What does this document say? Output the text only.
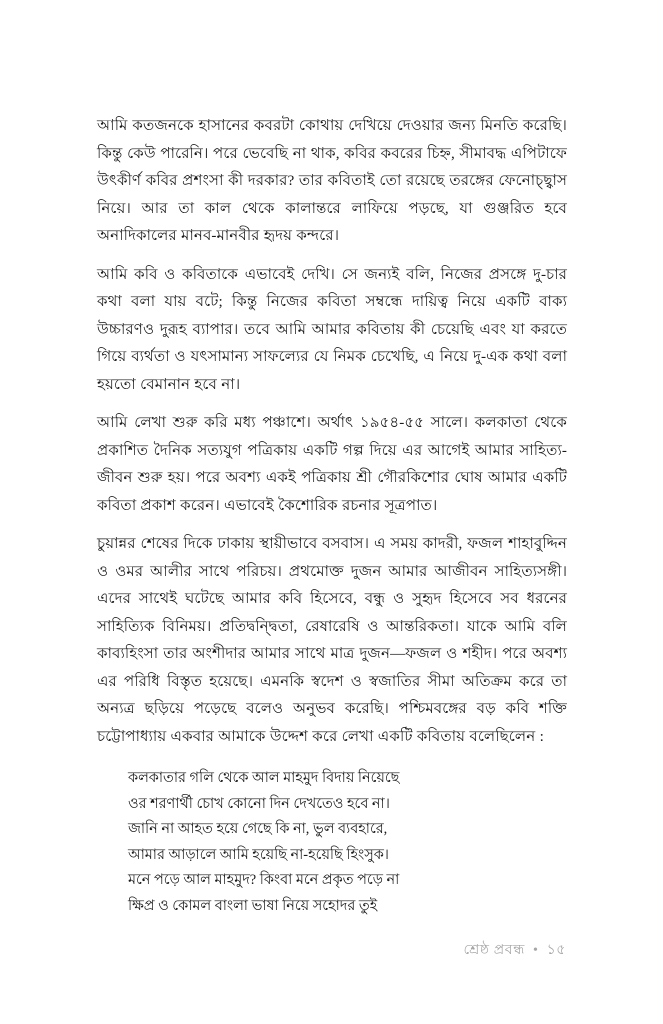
আমি কতজনকে হাসানের কবরটা কোথায় দেখিয়ে দেওয়ার জন্য মিনতি করেছি। কিন্তু কেউ পারেনি। পরে ভেবেছি না থাক, কবির কবরের চিহ্ন, সীমাবদ্ধ এপিটাফে উৎকীর্ণ কবির প্রশংসা কী দরকার? তার কবিতাই তো রয়েছে তরঙ্গের ফেনোচ্ছ্বাস নিয়ে। আর তা কাল থেকে কালান্তরে লাফিয়ে পড়ছে, যা গুঞ্জরিত হবে অনাদিকালের মানব-মানবীর হৃদয় কন্দরে।

আমি কবি ও কবিতাকে এভাবেই দেখি। সে জন্যই বলি, নিজের প্রসঙ্গে দু-চার কথা বলা যায় বটে; কিন্তু নিজের কবিতা সম্বন্ধে দায়িত্ব নিয়ে একটি বাক্য উচ্চারণও দুরূহ ব্যাপার। তবে আমি আমার কবিতায় কী চেয়েছি এবং যা করতে গিয়ে ব্যর্থতা ও যৎসামান্য সাফল্যের যে নিমক চেখেছি, এ নিয়ে দু-এক কথা বলা হয়তো বেমানান হবে না।

আমি লেখা শুরু করি মধ্য পঞ্চাশে। অর্থাৎ ১৯৫৪-৫৫ সালে। কলকাতা থেকে প্রকাশিত দৈনিক সত্যযুগ পত্রিকায় একটি গল্প দিয়ে এর আগেই আমার সাহিত্য-জীবন শুরু হয়। পরে অবশ্য একই পত্রিকায় শ্রী গৌরকিশোর ঘোষ আমার একটি কবিতা প্রকাশ করেন। এভাবেই কৈশোরিক রচনার সূত্রপাত।

চুয়ান্নর শেষের দিকে ঢাকায় স্থায়ীভাবে বসবাস। এ সময় কাদরী, ফজল শাহাবুদ্দিন ও ওমর আলীর সাথে পরিচয়। প্রথমোক্ত দুজন আমার আজীবন সাহিত্যসঙ্গী। এদের সাথেই ঘটেছে আমার কবি হিসেবে, বন্ধু ও সুহৃদ হিসেবে সব ধরনের সাহিত্যিক বিনিময়। প্রতিদ্বন্দ্বিতা, রেষারেষি ও আন্তরিকতা। যাকে আমি বলি কাব্যহিংসা তার অংশীদার আমার সাথে মাত্র দুজন—ফজল ও শহীদ। পরে অবশ্য এর পরিধি বিস্তৃত হয়েছে। এমনকি স্বদেশ ও স্বজাতির সীমা অতিক্রম করে তা অন্যত্র ছড়িয়ে পড়েছে বলেও অনুভব করেছি। পশ্চিমবঙ্গের বড় কবি শক্তি চট্টোপাধ্যায় একবার আমাকে উদ্দেশ করে লেখা একটি কবিতায় বলেছিলেন :

কলকাতার গলি থেকে আল মাহমুদ বিদায় নিয়েছে
ওর শরণার্থী চোখ কোনো দিন দেখতেও হবে না।
জানি না আহত হয়ে গেছে কি না, ভুল ব্যবহারে,
আমার আড়ালে আমি হয়েছি না-হয়েছি হিংসুক।
মনে পড়ে আল মাহমুদ? কিংবা মনে প্রকৃত পড়ে না
ক্ষিপ্র ও কোমল বাংলা ভাষা নিয়ে সহোদর তুই
শ্রেষ্ঠ প্রবন্ধ • ১৫
